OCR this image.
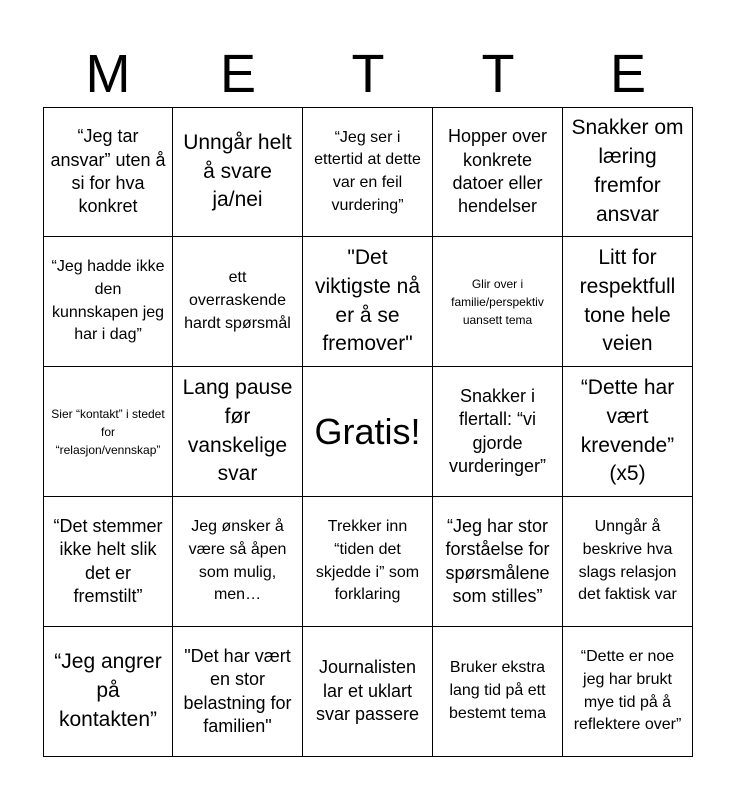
M	E	T	T	E
“Jeg tar ansvar” uten å si for hva konkret
Unngår helt å svare ja/nei
“Jeg ser i ettertid at dette var en feil vurdering”
Hopper over konkrete datoer eller hendelser
Snakker om læring fremfor ansvar
“Jeg hadde ikke den kunnskapen jeg har i dag”
ett overraskende hardt spørsmål
"Det viktigste nå er å se fremover"
Glir over i familie/perspektiv uansett tema
Litt for respektfull tone hele veien
Sier “kontakt” i stedet for “relasjon/vennskap”
Lang pause før vanskelige svar
Gratis!
Snakker i flertall: “vi gjorde vurderinger”
“Dette har vært krevende” (x5)
“Det stemmer ikke helt slik det er fremstilt”
Jeg ønsker å være så åpen som mulig, men…
Trekker inn “tiden det skjedde i” som forklaring
“Jeg har stor forståelse for spørsmålene som stilles”
Unngår å beskrive hva slags relasjon det faktisk var
“Jeg angrer på kontakten”
"Det har vært en stor belastning for familien"
Journalisten lar et uklart svar passere
Bruker ekstra lang tid på ett bestemt tema
“Dette er noe jeg har brukt mye tid på å reflektere over”
